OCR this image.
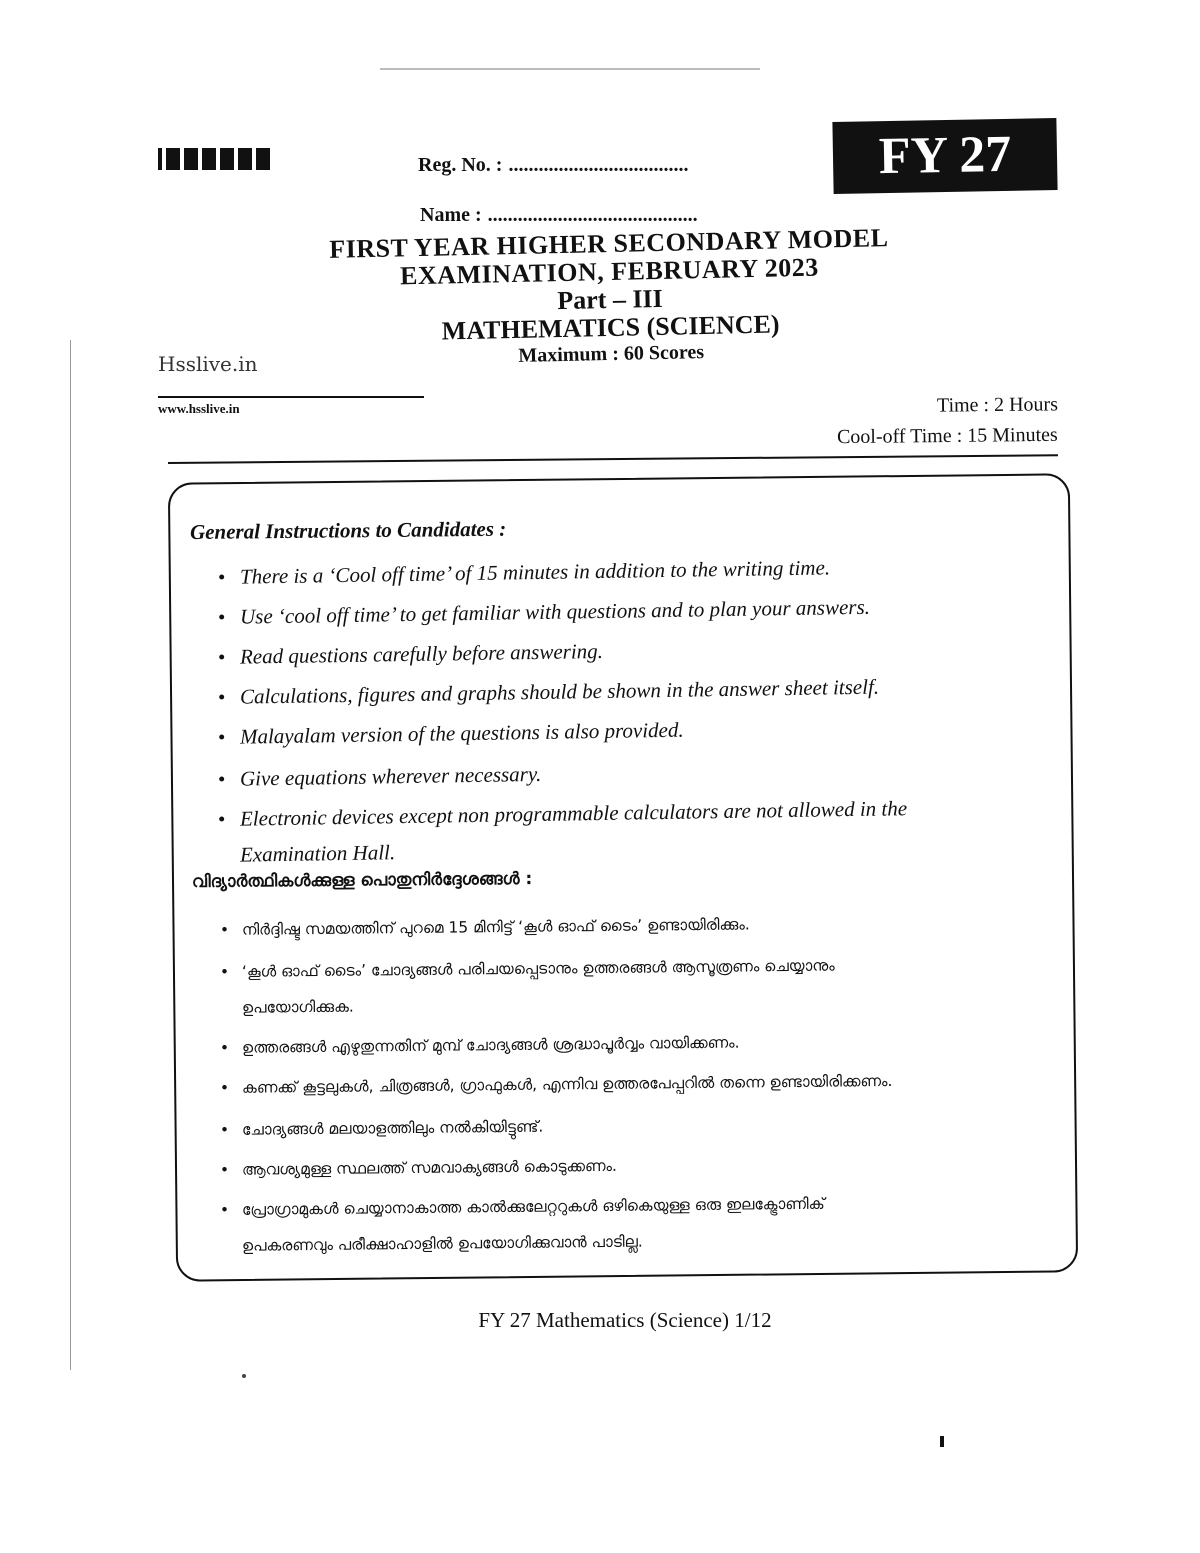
Reg. No. : ....................................
Name : ..........................................
FY 27
FIRST YEAR HIGHER SECONDARY MODEL
EXAMINATION, FEBRUARY 2023
Part – III
MATHEMATICS (SCIENCE)
Maximum : 60 Scores
Hsslive.in
www.hsslive.in	Time : 2 Hours
Cool-off Time : 15 Minutes
General Instructions to Candidates :
• There is a ‘Cool off time’ of 15 minutes in addition to the writing time.
• Use ‘cool off time’ to get familiar with questions and to plan your answers.
• Read questions carefully before answering.
• Calculations, figures and graphs should be shown in the answer sheet itself.
• Malayalam version of the questions is also provided.
• Give equations wherever necessary.
• Electronic devices except non programmable calculators are not allowed in the
Examination Hall.
വിദ്യാർത്ഥികൾക്കുള്ള പൊതുനിർദ്ദേശങ്ങൾ :
• നിർദ്ദിഷ്ട സമയത്തിന് പുറമെ 15 മിനിട്ട് ‘കൂൾ ഓഫ് ടൈം’ ഉണ്ടായിരിക്കും.
• ‘കൂൾ ഓഫ് ടൈം’ ചോദ്യങ്ങൾ പരിചയപ്പെടാനും ഉത്തരങ്ങൾ ആസൂത്രണം ചെയ്യാനും
ഉപയോഗിക്കുക.
• ഉത്തരങ്ങൾ എഴുതുന്നതിന് മുമ്പ് ചോദ്യങ്ങൾ ശ്രദ്ധാപൂർവ്വം വായിക്കണം.
• കണക്ക് കൂട്ടലുകൾ, ചിത്രങ്ങൾ, ഗ്രാഫുകൾ, എന്നിവ ഉത്തരപേപ്പറിൽ തന്നെ ഉണ്ടായിരിക്കണം.
• ചോദ്യങ്ങൾ മലയാളത്തിലും നൽകിയിട്ടുണ്ട്.
• ആവശ്യമുള്ള സ്ഥലത്ത് സമവാക്യങ്ങൾ കൊടുക്കണം.
• പ്രോഗ്രാമുകൾ ചെയ്യാനാകാത്ത കാൽക്കുലേറ്ററുകൾ ഒഴികെയുള്ള ഒരു ഇലക്ട്രോണിക്
ഉപകരണവും പരീക്ഷാഹാളിൽ ഉപയോഗിക്കുവാൻ പാടില്ല.
FY 27 Mathematics (Science) 1/12
